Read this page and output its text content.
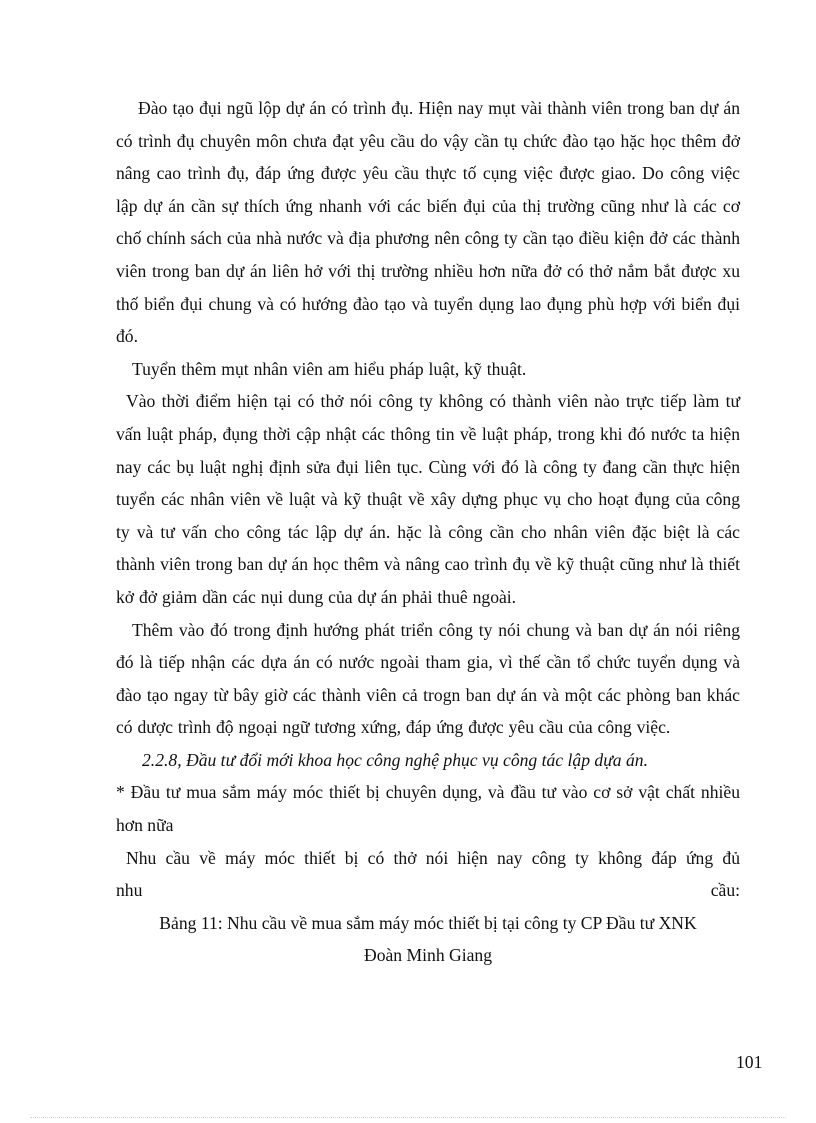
Đào tạo đụi ngũ lộp dự án có trình đụ. Hiện nay mụt vài thành viên trong ban dự án có trình đụ chuyên môn chưa đạt yêu cầu do vậy cần tụ chức đào tạo hặc học thêm đở nâng cao trình đụ, đáp ứng được yêu cầu thực tố cụng việc được giao. Do công việc lập dự án cần sự thích ứng nhanh với các biến đụi của thị trường cũng như là các cơ chố chính sách của nhà nước và địa phương nên công ty cần tạo điều kiện đở các thành viên trong ban dự án liên hở với thị trường nhiều hơn nữa đở có thở nắm bắt được xu thố biển đụi chung và có hướng đào tạo và tuyển dụng lao đụng phù hợp với biển đụi đó.

Tuyển thêm mụt nhân viên am hiểu pháp luật, kỹ thuật.

Vào thời điểm hiện tại có thở nói công ty không có thành viên nào trực tiếp làm tư vấn luật pháp, đụng thời cập nhật các thông tin về luật pháp, trong khi đó nước ta hiện nay các bụ luật nghị định sửa đụi liên tục. Cùng với đó là công ty đang cần thực hiện tuyển các nhân viên về luật và kỹ thuật về xây dựng phục vụ cho hoạt đụng của công ty và tư vấn cho công tác lập dự án. hặc là công cần cho nhân viên đặc biệt là các thành viên trong ban dự án học thêm và nâng cao trình đụ về kỹ thuật cũng như là thiết kở đở giảm dần các nụi dung của dự án phải thuê ngoài.

Thêm vào đó trong định hướng phát triển công ty nói chung và ban dự án nói riêng đó là tiếp nhận các dựa án có nước ngoài tham gia, vì thế cần tổ chức tuyển dụng và đào tạo ngay từ bây giờ các thành viên cả trogn ban dự án và một các phòng ban khác có dược trình độ ngoại ngữ tương xứng, đáp ứng được yêu cầu của công việc.

2.2.8, Đầu tư đổi mới khoa học công nghệ phục vụ công tác lập dựa án.

* Đầu tư mua sắm máy móc thiết bị chuyên dụng, và đầu tư vào cơ sở vật chất nhiều hơn nữa

Nhu cầu về máy móc thiết bị có thở nói hiện nay công ty không đáp ứng đủ

nhu cầu:

Bảng 11: Nhu cầu về mua sắm máy móc thiết bị tại công ty CP Đầu tư XNK

Đoàn Minh Giang

101
